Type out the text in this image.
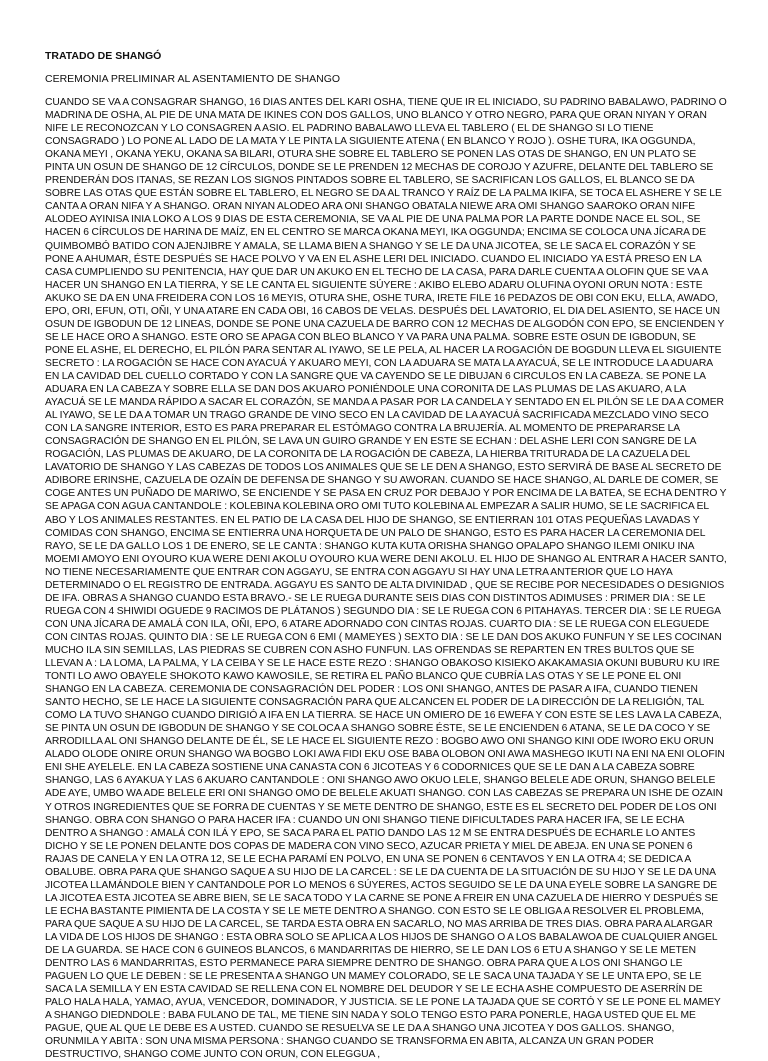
TRATADO DE SHANGÓ

CEREMONIA PRELIMINAR AL ASENTAMIENTO DE SHANGO

CUANDO SE VA A CONSAGRAR SHANGO, 16 DIAS ANTES DEL KARI OSHA, TIENE QUE IR EL INICIADO, SU PADRINO BABALAWO, PADRINO O MADRINA DE OSHA, AL PIE DE UNA MATA DE IKINES CON DOS GALLOS, UNO BLANCO Y OTRO NEGRO, PARA QUE ORAN NIYAN Y ORAN NIFE LE RECONOZCAN Y LO CONSAGREN A ASIO. EL PADRINO BABALAWO LLEVA EL TABLERO ( EL DE SHANGO SI LO TIENE CONSAGRADO ) LO PONE AL LADO DE LA MATA Y LE PINTA LA SIGUIENTE ATENA ( EN BLANCO Y ROJO ). OSHE TURA, IKA OGGUNDA, OKANA MEYI , OKANA YEKU, OKANA SA BILARI, OTURA SHE SOBRE EL TABLERO SE PONEN LAS OTAS DE SHANGO, EN UN PLATO SE PINTA UN OSUN DE SHANGO DE 12 CÍRCULOS, DONDE SE LE PRENDEN 12 MECHAS DE COROJO Y AZUFRE, DELANTE DEL TABLERO SE PRENDERÁN DOS ITANAS, SE REZAN LOS SIGNOS PINTADOS SOBRE EL TABLERO, SE SACRIFICAN LOS GALLOS, EL BLANCO SE DA SOBRE LAS OTAS QUE ESTÁN SOBRE EL TABLERO, EL NEGRO SE DA AL TRANCO Y RAÍZ DE LA PALMA IKIFA, SE TOCA EL ASHERE Y SE LE CANTA A ORAN NIFA Y A SHANGO. ORAN NIYAN ALODEO ARA ONI SHANGO OBATALA NIEWE ARA OMI SHANGO SAAROKO ORAN NIFE ALODEO AYINISA INIA LOKO A LOS 9 DIAS DE ESTA CEREMONIA, SE VA AL PIE DE UNA PALMA POR LA PARTE DONDE NACE EL SOL, SE HACEN 6 CÍRCULOS DE HARINA DE MAÍZ, EN EL CENTRO SE MARCA OKANA MEYI, IKA OGGUNDA; ENCIMA SE COLOCA UNA JÍCARA DE QUIMBOMBÓ BATIDO CON AJENJIBRE Y AMALA, SE LLAMA BIEN A SHANGO Y SE LE DA UNA JICOTEA, SE LE SACA EL CORAZÓN Y SE PONE A AHUMAR, ÉSTE DESPUÉS SE HACE POLVO Y VA EN EL ASHE LERI DEL INICIADO. CUANDO EL INICIADO YA ESTÁ PRESO EN LA CASA CUMPLIENDO SU PENITENCIA, HAY QUE DAR UN AKUKO EN EL TECHO DE LA CASA, PARA DARLE CUENTA A OLOFIN QUE SE VA A HACER UN SHANGO EN LA TIERRA, Y SE LE CANTA EL SIGUIENTE SÚYERE : AKIBO ELEBO ADARU OLUFINA OYONI ORUN NOTA : ESTE AKUKO SE DA EN UNA FREIDERA CON LOS 16 MEYIS, OTURA SHE, OSHE TURA, IRETE FILE 16 PEDAZOS DE OBI CON EKU, ELLA, AWADO, EPO, ORI, EFUN, OTI, OÑI, Y UNA ATARE EN CADA OBI, 16 CABOS DE VELAS. DESPUÉS DEL LAVATORIO, EL DIA DEL ASIENTO, SE HACE UN OSUN DE IGBODUN DE 12 LINEAS, DONDE SE PONE UNA CAZUELA DE BARRO CON 12 MECHAS DE ALGODÓN CON EPO, SE ENCIENDEN Y SE LE HACE ORO A SHANGO. ESTE ORO SE APAGA CON BLEO BLANCO Y VA PARA UNA PALMA. SOBRE ESTE OSUN DE IGBODUN, SE PONE EL ASHE, EL DERECHO, EL PILÓN PARA SENTAR AL IYAWO, SE LE PELA, AL HACER LA ROGACIÓN DE BOGDUN LLEVA EL SIGUIENTE SECRETO : LA ROGACIÓN SE HACE CON AYACUÁ Y AKUARO MEYI, CON LA ADUARA SE MATA LA AYACUÁ, SE LE INTRODUCE LA ADUARA EN LA CAVIDAD DEL CUELLO CORTADO Y CON LA SANGRE QUE VA CAYENDO SE LE DIBUJAN 6 CIRCULOS EN LA CABEZA. SE PONE LA ADUARA EN LA CABEZA Y SOBRE ELLA SE DAN DOS AKUARO PONIÉNDOLE UNA CORONITA DE LAS PLUMAS DE LAS AKUARO, A LA AYACUÁ SE LE MANDA RÁPIDO A SACAR EL CORAZÓN, SE MANDA A PASAR POR LA CANDELA Y SENTADO EN EL PILÓN SE LE DA A COMER AL IYAWO, SE LE DA A TOMAR UN TRAGO GRANDE DE VINO SECO EN LA CAVIDAD DE LA AYACUÁ SACRIFICADA MEZCLADO VINO SECO CON LA SANGRE INTERIOR, ESTO ES PARA PREPARAR EL ESTÓMAGO CONTRA LA BRUJERÍA. AL MOMENTO DE PREPARARSE LA CONSAGRACIÓN DE SHANGO EN EL PILÓN, SE LAVA UN GUIRO GRANDE Y EN ESTE SE ECHAN : DEL ASHE LERI CON SANGRE DE LA ROGACIÓN, LAS PLUMAS DE AKUARO, DE LA CORONITA DE LA ROGACIÓN DE CABEZA, LA HIERBA TRITURADA DE LA CAZUELA DEL LAVATORIO DE SHANGO Y LAS CABEZAS DE TODOS LOS ANIMALES QUE SE LE DEN A SHANGO, ESTO SERVIRÁ DE BASE AL SECRETO DE ADIBORE ERINSHE, CAZUELA DE OZAÍN DE DEFENSA DE SHANGO Y SU AWORAN. CUANDO SE HACE SHANGO, AL DARLE DE COMER, SE COGE ANTES UN PUÑADO DE MARIWO, SE ENCIENDE Y SE PASA EN CRUZ POR DEBAJO Y POR ENCIMA DE LA BATEA, SE ECHA DENTRO Y SE APAGA CON AGUA CANTANDOLE : KOLEBINA KOLEBINA ORO OMI TUTO KOLEBINA AL EMPEZAR A SALIR HUMO, SE LE SACRIFICA EL ABO Y LOS ANIMALES RESTANTES. EN EL PATIO DE LA CASA DEL HIJO DE SHANGO, SE ENTIERRAN 101 OTAS PEQUEÑAS LAVADAS Y COMIDAS CON SHANGO, ENCIMA SE ENTIERRA UNA HORQUETA DE UN PALO DE SHANGO, ESTO ES PARA HACER LA CEREMONIA DEL RAYO, SE LE DA GALLO LOS 1 DE ENERO, SE LE CANTA : SHANGO KUTA KUTA ORISHA SHANGO OPALAPO SHANGO ILEMI ONIKU INA MOEMI AMOYO ENI OYOURO KUA WERE DENI AKOLU OYOURO KUA WERE DENI AKOLU. EL HIJO DE SHANGO AL ENTRAR A HACER SANTO, NO TIENE NECESARIAMENTE QUE ENTRAR CON AGGAYU, SE ENTRA CON AGGAYU SI HAY UNA LETRA ANTERIOR QUE LO HAYA DETERMINADO O EL REGISTRO DE ENTRADA. AGGAYU ES SANTO DE ALTA DIVINIDAD , QUE SE RECIBE POR NECESIDADES O DESIGNIOS DE IFA. OBRAS A SHANGO CUANDO ESTA BRAVO.- SE LE RUEGA DURANTE SEIS DIAS CON DISTINTOS ADIMUSES : PRIMER DIA : SE LE RUEGA CON 4 SHIWIDI OGUEDE 9 RACIMOS DE PLÁTANOS ) SEGUNDO DIA : SE LE RUEGA CON 6 PITAHAYAS. TERCER DIA : SE LE RUEGA CON UNA JÍCARA DE AMALÁ CON ILA, OÑI, EPO, 6 ATARE ADORNADO CON CINTAS ROJAS. CUARTO DIA : SE LE RUEGA CON ELEGUEDE CON CINTAS ROJAS. QUINTO DIA : SE LE RUEGA CON 6 EMI ( MAMEYES ) SEXTO DIA : SE LE DAN DOS AKUKO FUNFUN Y SE LES COCINAN MUCHO ILA SIN SEMILLAS, LAS PIEDRAS SE CUBREN CON ASHO FUNFUN. LAS OFRENDAS SE REPARTEN EN TRES BULTOS QUE SE LLEVAN A : LA LOMA, LA PALMA, Y LA CEIBA Y SE LE HACE ESTE REZO : SHANGO OBAKOSO KISIEKO AKAKAMASIA OKUNI BUBURU KU IRE TONTI LO AWO OBAYELE SHOKOTO KAWO KAWOSILE, SE RETIRA EL PAÑO BLANCO QUE CUBRÍA LAS OTAS Y SE LE PONE EL ONI SHANGO EN LA CABEZA. CEREMONIA DE CONSAGRACIÓN DEL PODER : LOS ONI SHANGO, ANTES DE PASAR A IFA, CUANDO TIENEN SANTO HECHO, SE LE HACE LA SIGUIENTE CONSAGRACIÓN PARA QUE ALCANCEN EL PODER DE LA DIRECCIÓN DE LA RELIGIÓN, TAL COMO LA TUVO SHANGO CUANDO DIRIGIÓ A IFA EN LA TIERRA. SE HACE UN OMIERO DE 16 EWEFA Y CON ESTE SE LES LAVA LA CABEZA, SE PINTA UN OSUN DE IGBODUN DE SHANGO Y SE COLOCA A SHANGO SOBRE ÉSTE, SE LE ENCIENDEN 6 ATANA, SE LE DA COCO Y SE ARRODILLA AL ONI SHANGO DELANTE DE ÉL, SE LE HACE EL SIGUIENTE REZO : BOGBO AWO ONI SHANGO KINI ODE IWORO EKU ORUN ALADO OLODE ONIRE ORUN SHANGO WA BOGBO LOKI AWA FIDI EKU OSE BABA OLOBON ONI AWA MASHEGO IKUTI NA ENI NA ENI OLOFIN ENI SHE AYELELE. EN LA CABEZA SOSTIENE UNA CANASTA CON 6 JICOTEAS Y 6 CODORNICES QUE SE LE DAN A LA CABEZA SOBRE SHANGO, LAS 6 AYAKUA Y LAS 6 AKUARO CANTANDOLE : ONI SHANGO AWO OKUO LELE, SHANGO BELELE ADE ORUN, SHANGO BELELE ADE AYE, UMBO WA ADE BELELE ERI ONI SHANGO OMO DE BELELE AKUATI SHANGO. CON LAS CABEZAS SE PREPARA UN ISHE DE OZAIN Y OTROS INGREDIENTES QUE SE FORRA DE CUENTAS Y SE METE DENTRO DE SHANGO, ESTE ES EL SECRETO DEL PODER DE LOS ONI SHANGO. OBRA CON SHANGO O PARA HACER IFA : CUANDO UN ONI SHANGO TIENE DIFICULTADES PARA HACER IFA, SE LE ECHA DENTRO A SHANGO : AMALÁ CON ILÁ Y EPO, SE SACA PARA EL PATIO DANDO LAS 12 M SE ENTRA DESPUÉS DE ECHARLE LO ANTES DICHO Y SE LE PONEN DELANTE DOS COPAS DE MADERA CON VINO SECO, AZUCAR PRIETA Y MIEL DE ABEJA. EN UNA SE PONEN 6 RAJAS DE CANELA Y EN LA OTRA 12, SE LE ECHA PARAMÍ EN POLVO, EN UNA SE PONEN 6 CENTAVOS Y EN LA OTRA 4; SE DEDICA A OBALUBE. OBRA PARA QUE SHANGO SAQUE A SU HIJO DE LA CARCEL : SE LE DA CUENTA DE LA SITUACIÓN DE SU HIJO Y SE LE DA UNA JICOTEA LLAMÁNDOLE BIEN Y CANTANDOLE POR LO MENOS 6 SÚYERES, ACTOS SEGUIDO SE LE DA UNA EYELE SOBRE LA SANGRE DE LA JICOTEA ESTA JICOTEA SE ABRE BIEN, SE LE SACA TODO Y LA CARNE SE PONE A FREIR EN UNA CAZUELA DE HIERRO Y DESPUÉS SE LE ECHA BASTANTE PIMIENTA DE LA COSTA Y SE LE METE DENTRO A SHANGO. CON ESTO SE LE OBLIGA A RESOLVER EL PROBLEMA, PARA QUE SAQUE A SU HIJO DE LA CARCEL, SE TARDA ESTA OBRA EN SACARLO, NO MAS ARRIBA DE TRES DIAS. OBRA PARA ALARGAR LA VIDA DE LOS HIJOS DE SHANGO : ESTA OBRA SOLO SE APLICA A LOS HIJOS DE SHANGO O A LOS BABALAWOA DE CUALQUIER ANGEL DE LA GUARDA. SE HACE CON 6 GUINEOS BLANCOS, 6 MANDARRITAS DE HIERRO, SE LE DAN LOS 6 ETU A SHANGO Y SE LE METEN DENTRO LAS 6 MANDARRITAS, ESTO PERMANECE PARA SIEMPRE DENTRO DE SHANGO. OBRA PARA QUE A LOS ONI SHANGO LE PAGUEN LO QUE LE DEBEN : SE LE PRESENTA A SHANGO UN MAMEY COLORADO, SE LE SACA UNA TAJADA Y SE LE UNTA EPO, SE LE SACA LA SEMILLA Y EN ESTA CAVIDAD SE RELLENA CON EL NOMBRE DEL DEUDOR Y SE LE ECHA ASHE COMPUESTO DE ASERRÍN DE PALO HALA HALA, YAMAO, AYUA, VENCEDOR, DOMINADOR, Y JUSTICIA. SE LE PONE LA TAJADA QUE SE CORTÓ Y SE LE PONE EL MAMEY A SHANGO DIEDNDOLE : BABA FULANO DE TAL, ME TIENE SIN NADA Y SOLO TENGO ESTO PARA PONERLE, HAGA USTED QUE EL ME PAGUE, QUE AL QUE LE DEBE ES A USTED. CUANDO SE RESUELVA SE LE DA A SHANGO UNA JICOTEA Y DOS GALLOS. SHANGO, ORUNMILA Y ABITA : SON UNA MISMA PERSONA : SHANGO CUANDO SE TRANSFORMA EN ABITA, ALCANZA UN GRAN PODER DESTRUCTIVO, SHANGO COME JUNTO CON ORUN, CON ELEGGUA ,
